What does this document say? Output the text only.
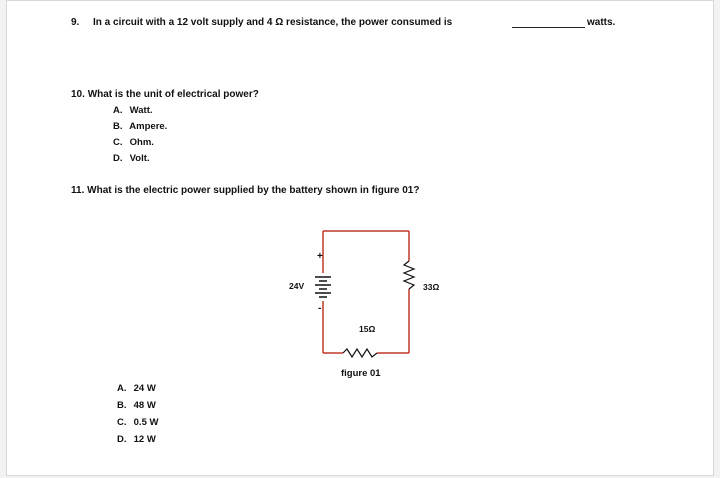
9. In a circuit with a 12 volt supply and 4 Ω resistance, the power consumed is	watts.
10. What is the unit of electrical power?
A. Watt.
B. Ampere.
C. Ohm.
D. Volt.
11. What is the electric power supplied by the battery shown in figure 01?
+
-
24V	33Ω
15Ω
figure 01
A. 24 W
B. 48 W
C. 0.5 W
D. 12 W
